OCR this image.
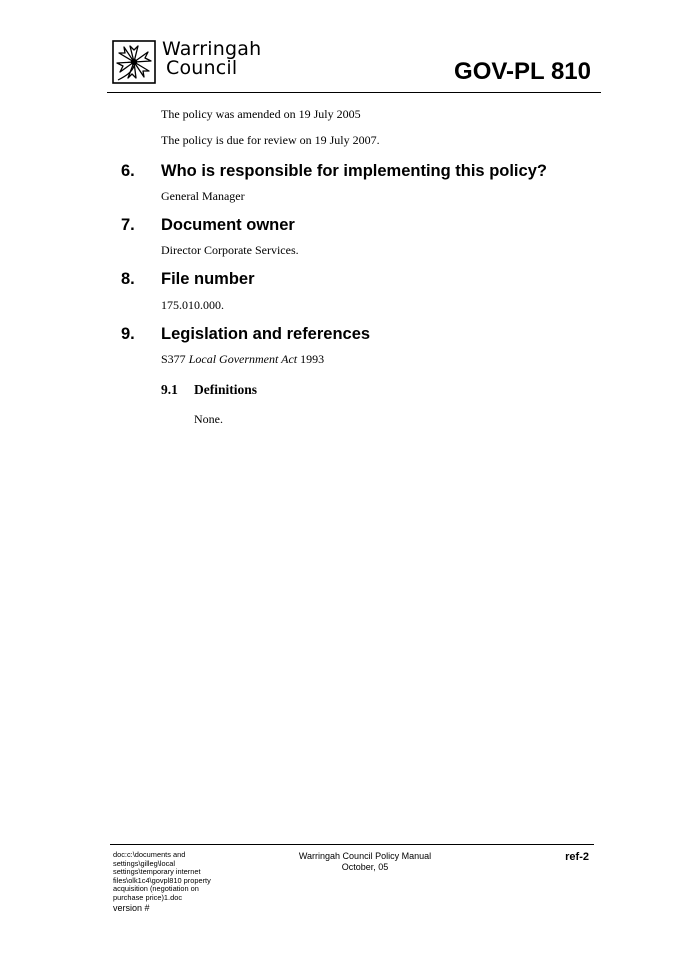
Warringah
Council	GOV-PL 810
The policy was amended on 19 July 2005
The policy is due for review on 19 July 2007.
6. Who is responsible for implementing this policy?
General Manager
7. Document owner
Director Corporate Services.
8. File number
175.010.000.
9. Legislation and references
S377 Local Government Act 1993
9.1 Definitions
None.
doc:c:\documents and
settings\gilleg\local
settings\temporary internet
files\olk1c4\govpl810 property
acquisition (negotiation on
purchase price)1.doc
version #
Warringah Council Policy Manual
October, 05
ref-2
